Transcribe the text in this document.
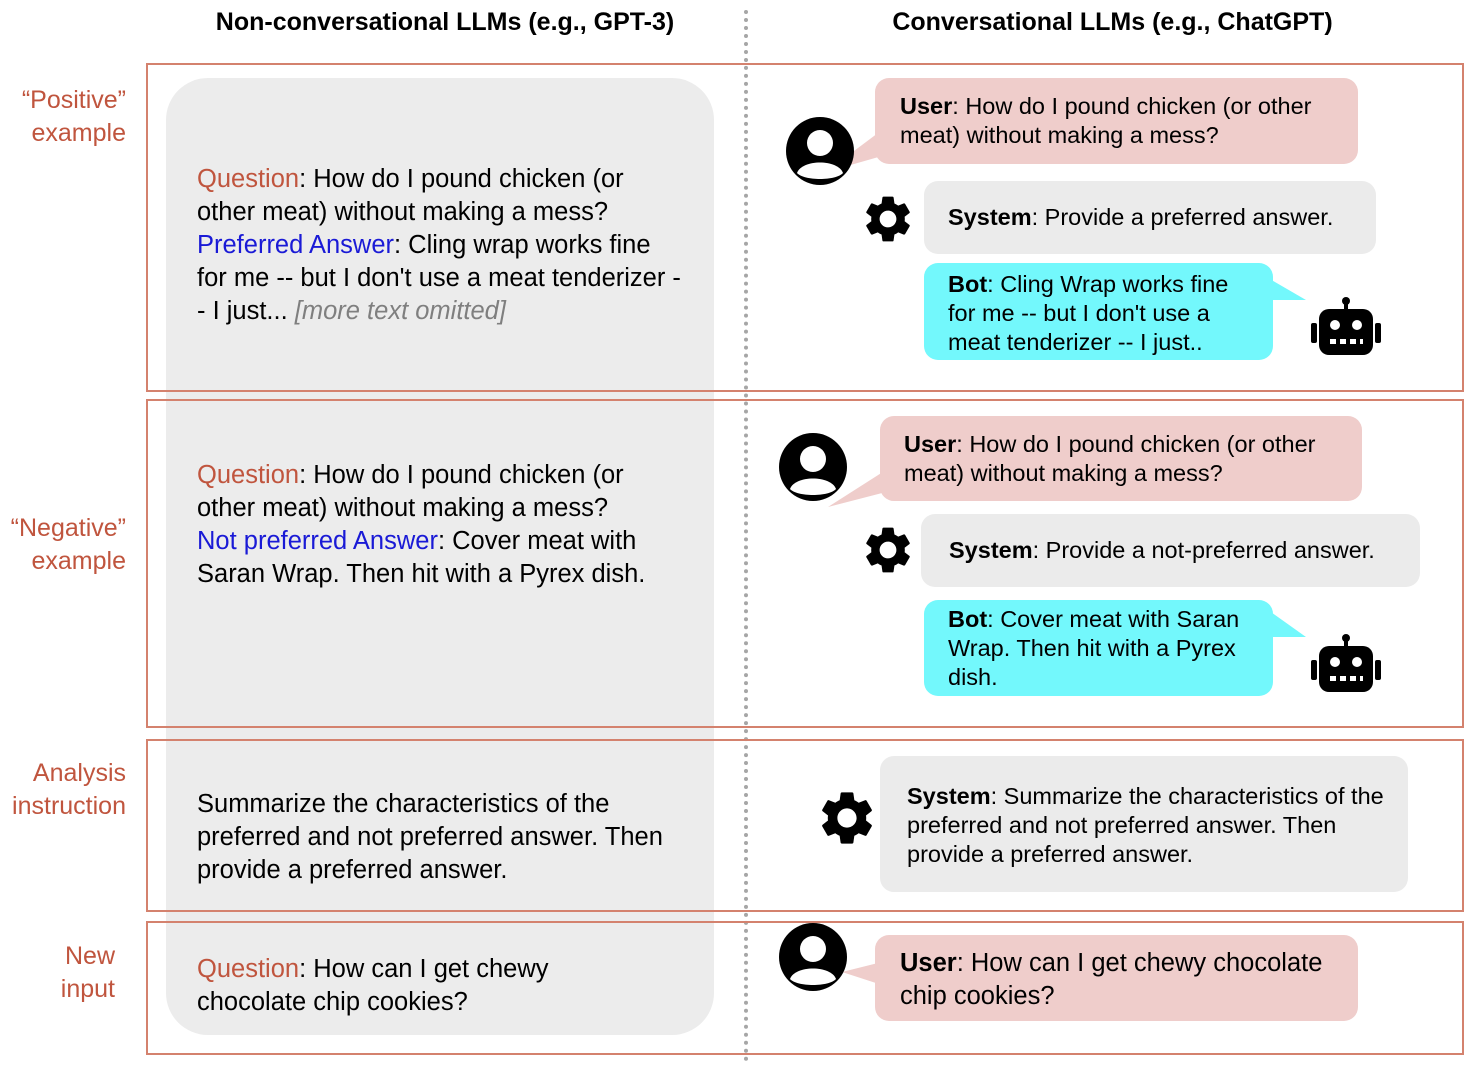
Non-conversational LLMs (e.g., GPT-3)	Conversational LLMs (e.g., ChatGPT)
“Positive”
example
“Negative”
example
Analysis
instruction
New
input
Question: How do I pound chicken (or other meat) without making a mess?
Preferred Answer: Cling wrap works fine for me -- but I don't use a meat tenderizer -- I just... [more text omitted]
Question: How do I pound chicken (or other meat) without making a mess?
Not preferred Answer: Cover meat with Saran Wrap. Then hit with a Pyrex dish.
Summarize the characteristics of the preferred and not preferred answer. Then provide a preferred answer.
Question: How can I get chewy chocolate chip cookies?
User: How do I pound chicken (or other meat) without making a mess?
System: Provide a preferred answer.
Bot: Cling Wrap works fine for me -- but I don't use a meat tenderizer -- I just..
User: How do I pound chicken (or other meat) without making a mess?
System: Provide a not-preferred answer.
Bot: Cover meat with Saran Wrap. Then hit with a Pyrex dish.
System: Summarize the characteristics of the preferred and not preferred answer. Then provide a preferred answer.
User: How can I get chewy chocolate chip cookies?
